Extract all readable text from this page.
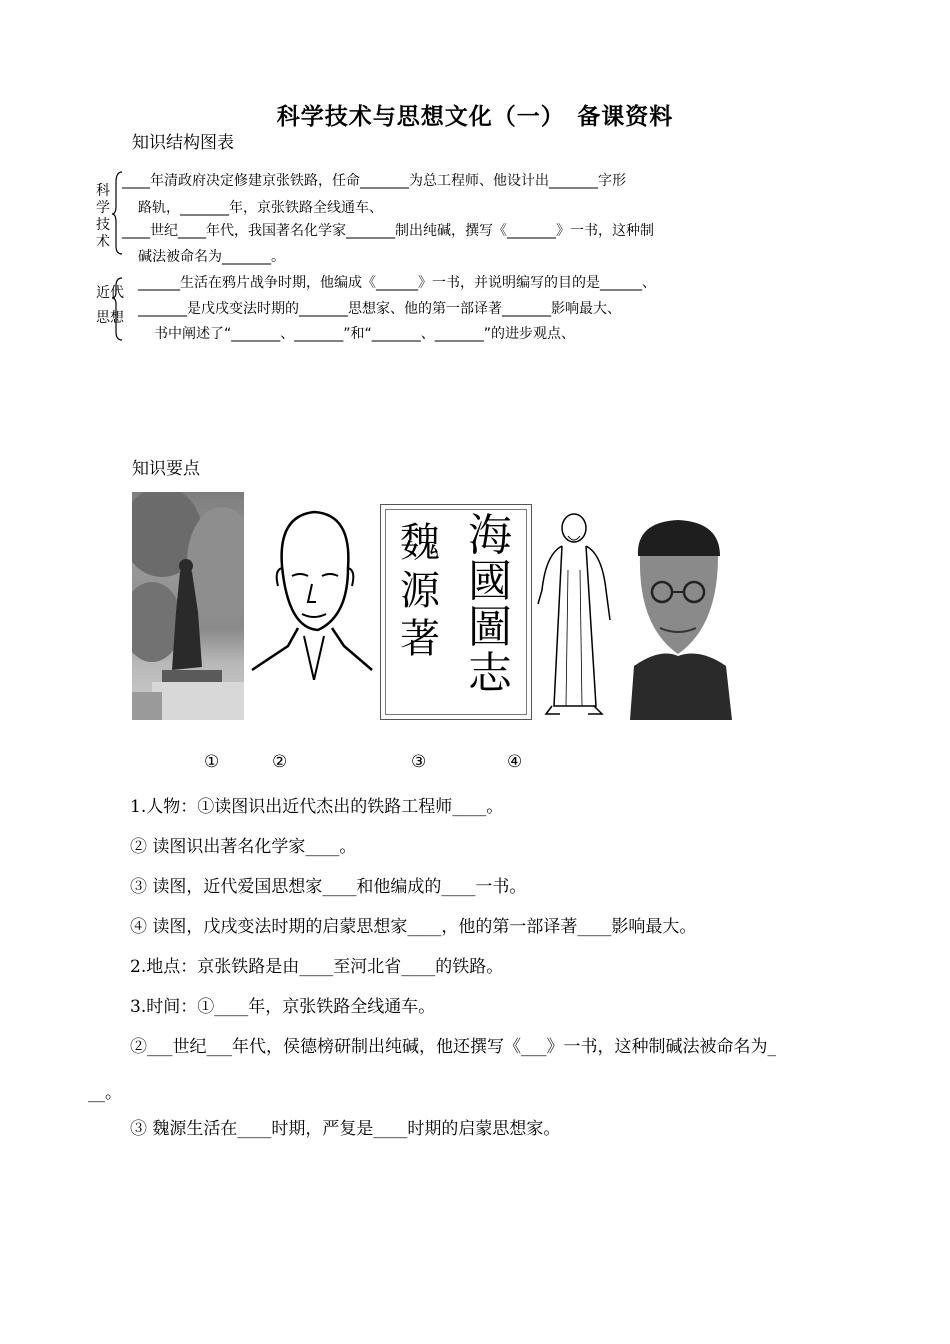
科学技术与思想文化（一）　备课资料
知识结构图表
科
学
技
术
近代
思想
____年清政府决定修建京张铁路，任命_______为总工程师、他设计出_______字形
路轨，_______年，京张铁路全线通车、
____世纪____年代，我国著名化学家_______制出纯碱，撰写《_______》一书，这种制
碱法被命名为_______。
______生活在鸦片战争时期，他编成《______》一书，并说明编写的目的是______、
_______是戊戌变法时期的_______思想家、他的第一部译著_______影响最大、
书中阐述了“_______、_______”和“_______、_______”的进步观点、
知识要点
海
國
圖
志
魏
源
著
①	②	③	④
1.人物：①读图识出近代杰出的铁路工程师____。
② 读图识出著名化学家____。
③ 读图，近代爱国思想家____和他编成的____一书。
④ 读图，戊戌变法时期的启蒙思想家____，他的第一部译著____影响最大。
2.地点：京张铁路是由____至河北省____的铁路。
3.时间：①____年，京张铁路全线通车。
②___世纪___年代，侯德榜研制出纯碱，他还撰写《___》一书，这种制碱法被命名为_
__。
③ 魏源生活在____时期，严复是____时期的启蒙思想家。
